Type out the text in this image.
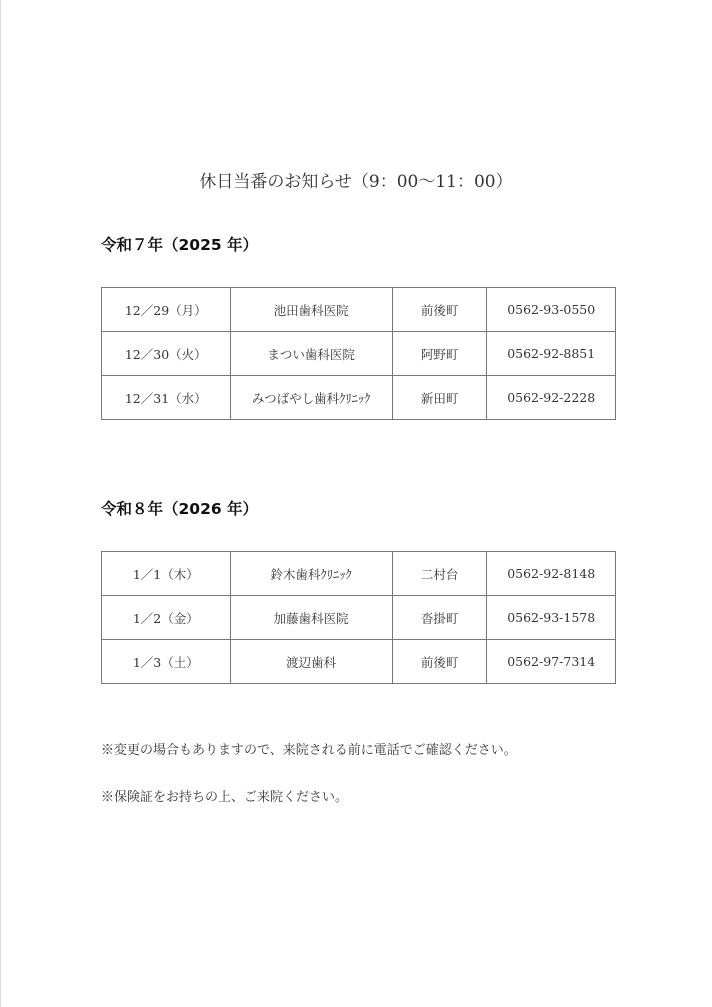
休日当番のお知らせ（9：00〜11：00）
令和７年（2025 年）
12／29（月）	池田歯科医院	前後町	0562-93-0550
12／30（火）	まつい歯科医院	阿野町	0562-92-8851
12／31（水）	みつばやし歯科ｸﾘﾆｯｸ	新田町	0562-92-2228
令和８年（2026 年）
1／1（木）	鈴木歯科ｸﾘﾆｯｸ	二村台	0562-92-8148
1／2（金）	加藤歯科医院	沓掛町	0562-93-1578
1／3（土）	渡辺歯科	前後町	0562-97-7314
※変更の場合もありますので、来院される前に電話でご確認ください。
※保険証をお持ちの上、ご来院ください。
